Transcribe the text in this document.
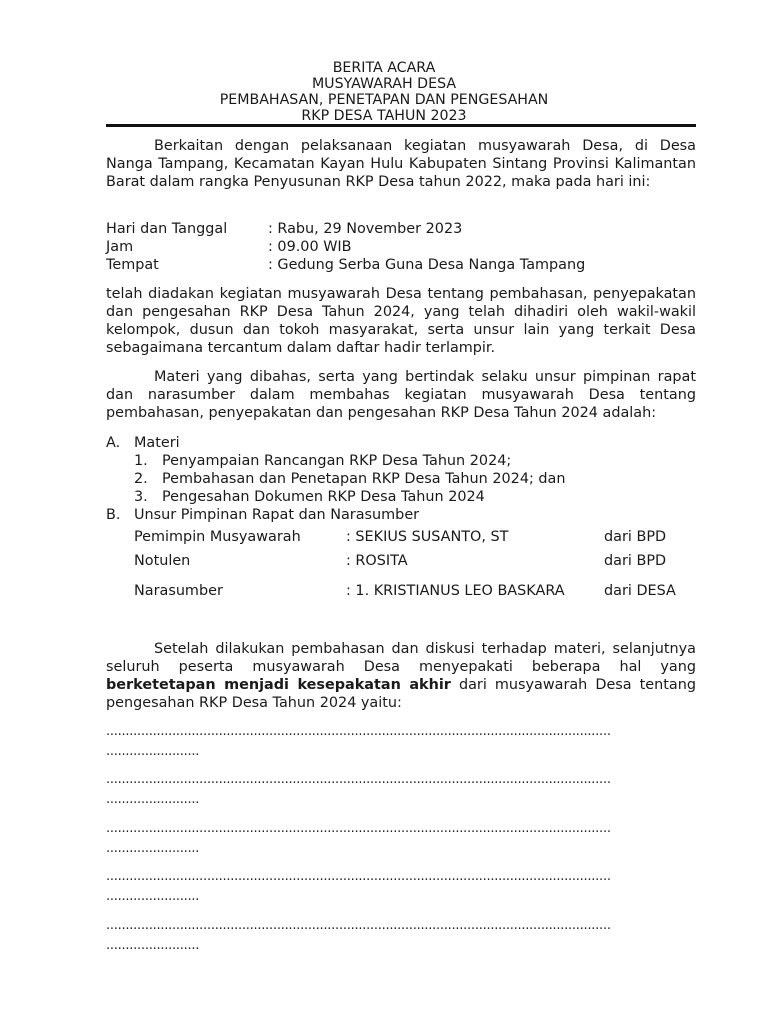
BERITA ACARA
MUSYAWARAH DESA
PEMBAHASAN, PENETAPAN DAN PENGESAHAN
RKP DESA TAHUN 2023
Berkaitan dengan pelaksanaan kegiatan musyawarah Desa, di Desa Nanga Tampang, Kecamatan Kayan Hulu Kabupaten Sintang Provinsi Kalimantan Barat dalam rangka Penyusunan RKP Desa tahun 2022, maka pada hari ini:
Hari dan Tanggal	: Rabu, 29 November 2023
Jam	: 09.00 WIB
Tempat	: Gedung Serba Guna Desa Nanga Tampang
telah diadakan kegiatan musyawarah Desa tentang pembahasan, penyepakatan dan pengesahan RKP Desa Tahun 2024, yang telah dihadiri oleh wakil-wakil kelompok, dusun dan tokoh masyarakat, serta unsur lain yang terkait Desa sebagaimana tercantum dalam daftar hadir terlampir.
Materi yang dibahas, serta yang bertindak selaku unsur pimpinan rapat dan narasumber dalam membahas kegiatan musyawarah Desa tentang pembahasan, penyepakatan dan pengesahan RKP Desa Tahun 2024 adalah:
A. Materi
1. Penyampaian Rancangan RKP Desa Tahun 2024;
2. Pembahasan dan Penetapan RKP Desa Tahun 2024; dan
3. Pengesahan Dokumen RKP Desa Tahun 2024
B. Unsur Pimpinan Rapat dan Narasumber
Pemimpin Musyawarah	: SEKIUS SUSANTO, ST	dari BPD
Notulen	: ROSITA	dari BPD
Narasumber	: 1. KRISTIANUS LEO BASKARA	dari DESA
Setelah dilakukan pembahasan dan diskusi terhadap materi, selanjutnya seluruh peserta musyawarah Desa menyepakati beberapa hal yang berketetapan menjadi kesepakatan akhir dari musyawarah Desa tentang pengesahan RKP Desa Tahun 2024 yaitu:
..................................................................................................................................
........................
..................................................................................................................................
........................
..................................................................................................................................
........................
..................................................................................................................................
........................
..................................................................................................................................
........................
